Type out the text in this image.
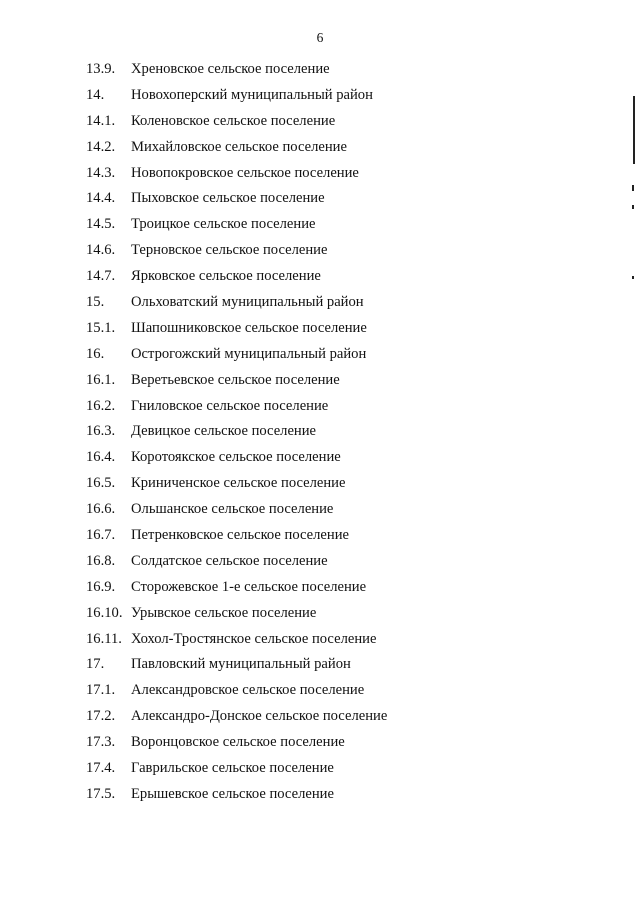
6
13.9. Хреновское сельское поселение
14. Новохоперский муниципальный район
14.1. Коленовское сельское поселение
14.2. Михайловское сельское поселение
14.3. Новопокровское сельское поселение
14.4. Пыховское сельское поселение
14.5. Троицкое сельское поселение
14.6. Терновское сельское поселение
14.7. Ярковское сельское поселение
15. Ольховатский муниципальный район
15.1. Шапошниковское сельское поселение
16. Острогожский муниципальный район
16.1. Веретьевское сельское поселение
16.2. Гниловское сельское поселение
16.3. Девицкое сельское поселение
16.4. Коротоякское сельское поселение
16.5. Криниченское сельское поселение
16.6. Ольшанское сельское поселение
16.7. Петренковское сельское поселение
16.8. Солдатское сельское поселение
16.9. Сторожевское 1-е сельское поселение
16.10. Урывское сельское поселение
16.11. Хохол-Тростянское сельское поселение
17. Павловский муниципальный район
17.1. Александровское сельское поселение
17.2. Александро-Донское сельское поселение
17.3. Воронцовское сельское поселение
17.4. Гаврильское сельское поселение
17.5. Ерышевское сельское поселение
